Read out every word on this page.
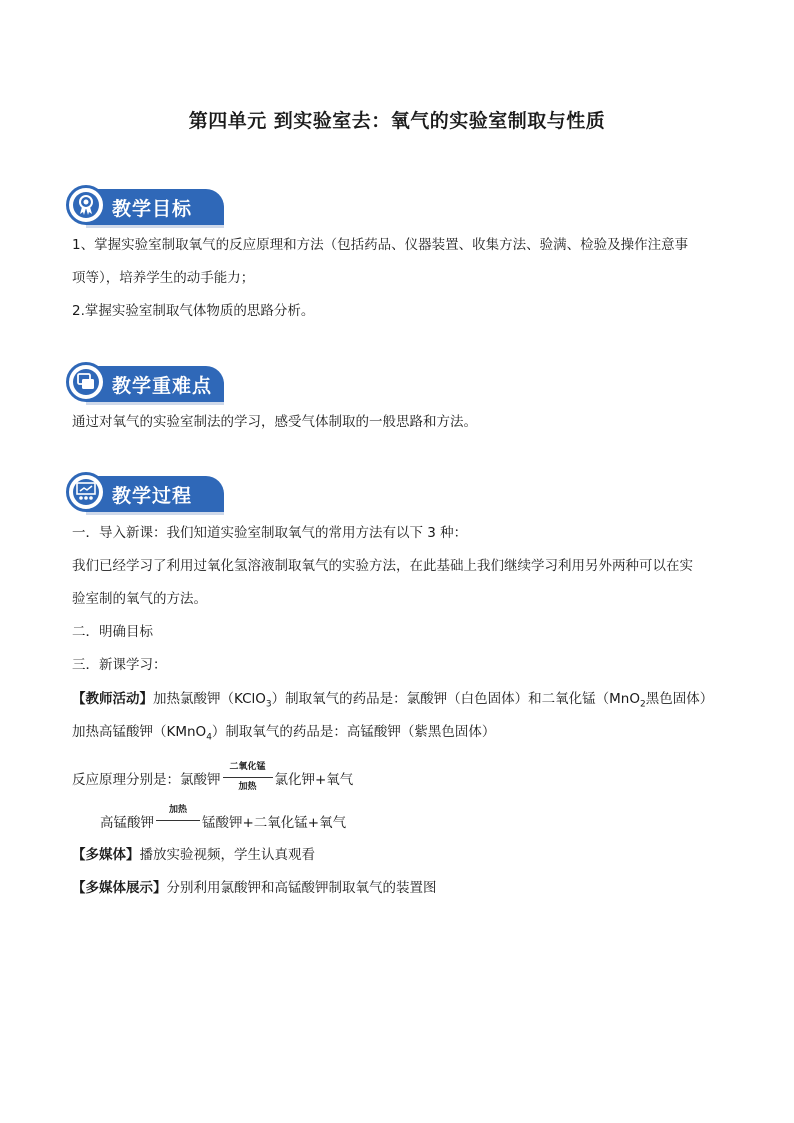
第四单元 到实验室去：氧气的实验室制取与性质
教学目标

1、掌握实验室制取氧气的反应原理和方法（包括药品、仪器装置、收集方法、验满、检验及操作注意事

项等），培养学生的动手能力；

2.掌握实验室制取气体物质的思路分析。

教学重难点

通过对氧气的实验室制法的学习，感受气体制取的一般思路和方法。

教学过程

一．导入新课：我们知道实验室制取氧气的常用方法有以下 3 种：

我们已经学习了利用过氧化氢溶液制取氧气的实验方法，在此基础上我们继续学习利用另外两种可以在实

验室制的氧气的方法。

二．明确目标

三．新课学习：

【教师活动】加热氯酸钾（KClO$_3$）制取氧气的药品是：氯酸钾（白色固体）和二氧化锰（MnO$_2$黑色固体）

加热高锰酸钾（KMnO$_4$）制取氧气的药品是：高锰酸钾（紫黑色固体）

反应原理分别是：氯酸钾
二氧化锰
加热	氯化钾+氧气
高锰酸钾
加热
锰酸钾+二氧化锰+氧气

【多媒体】播放实验视频，学生认真观看

【多媒体展示】分别利用氯酸钾和高锰酸钾制取氧气的装置图
